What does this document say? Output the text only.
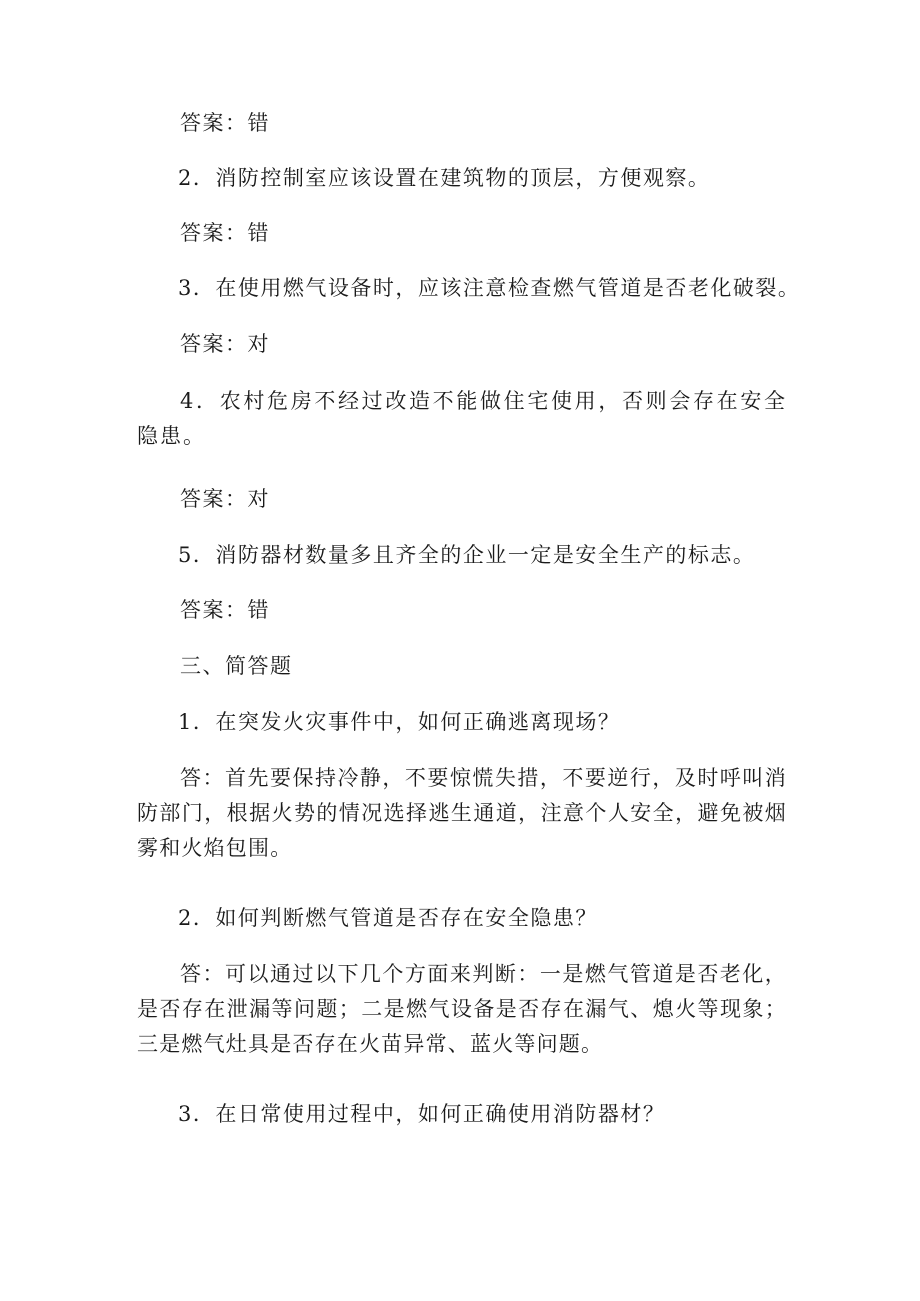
答案：错

2．消防控制室应该设置在建筑物的顶层，方便观察。

答案：错

3．在使用燃气设备时，应该注意检查燃气管道是否老化破裂。

答案：对

4．农村危房不经过改造不能做住宅使用，否则会存在安全隐患。

答案：对

5．消防器材数量多且齐全的企业一定是安全生产的标志。

答案：错

三、简答题

1．在突发火灾事件中，如何正确逃离现场？

答：首先要保持冷静，不要惊慌失措，不要逆行，及时呼叫消防部门，根据火势的情况选择逃生通道，注意个人安全，避免被烟雾和火焰包围。

2．如何判断燃气管道是否存在安全隐患？

答：可以通过以下几个方面来判断：一是燃气管道是否老化，是否存在泄漏等问题；二是燃气设备是否存在漏气、熄火等现象；三是燃气灶具是否存在火苗异常、蓝火等问题。

3．在日常使用过程中，如何正确使用消防器材？
